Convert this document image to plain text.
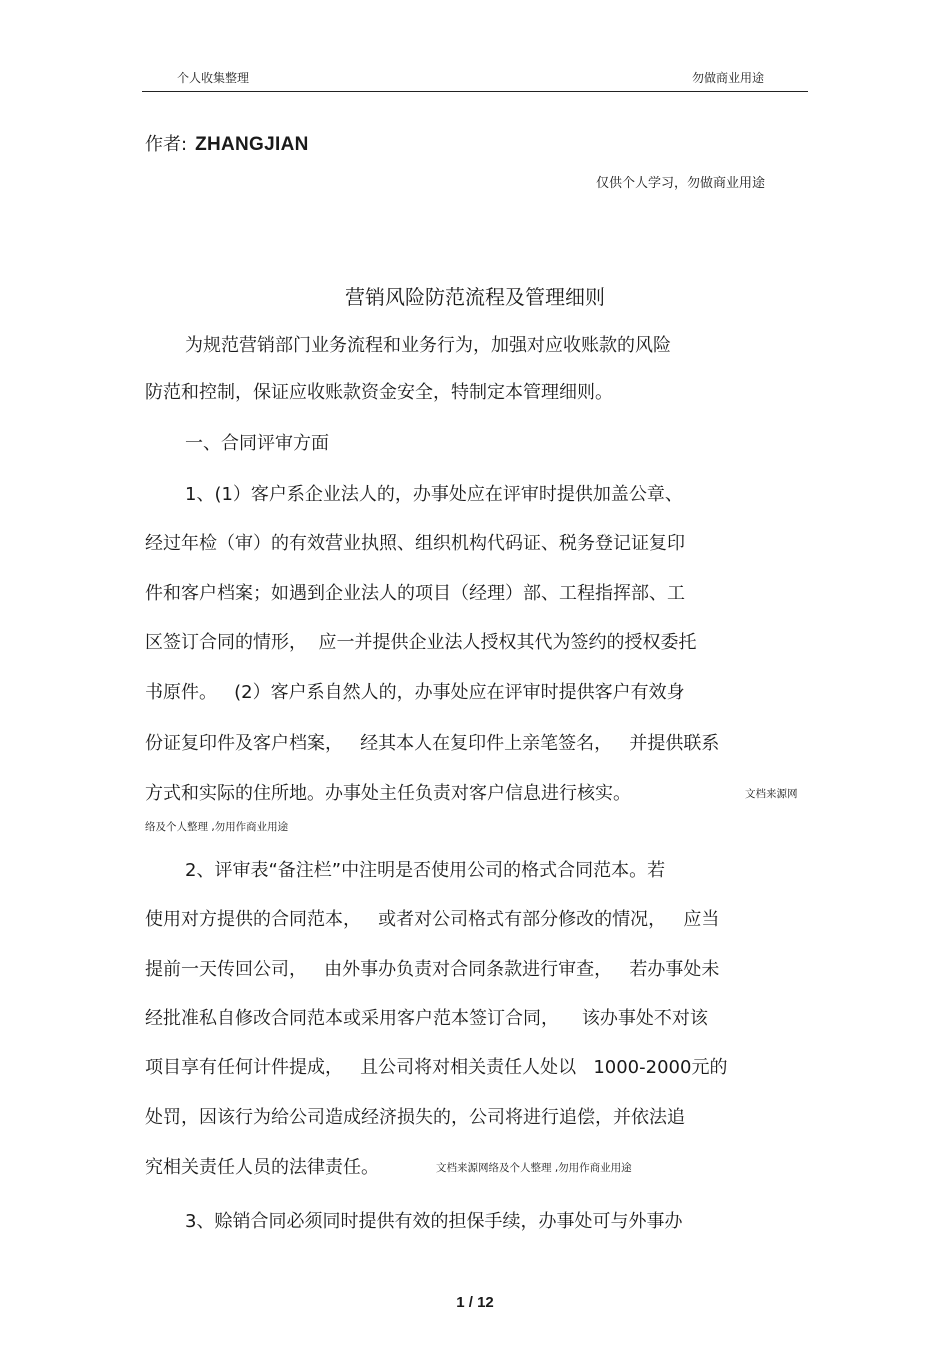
个人收集整理	勿做商业用途
作者: ZHANGJIAN
仅供个人学习，勿做商业用途
营销风险防范流程及管理细则
为规范营销部门业务流程和业务行为，加强对应收账款的风险
防范和控制，保证应收账款资金安全，特制定本管理细则。
一、合同评审方面
1、(1）客户系企业法人的，办事处应在评审时提供加盖公章、
经过年检（审）的有效营业执照、组织机构代码证、税务登记证复印
件和客户档案；如遇到企业法人的项目（经理）部、工程指挥部、工
区签订合同的情形，  应一并提供企业法人授权其代为签约的授权委托
书原件。   (2）客户系自然人的，办事处应在评审时提供客户有效身
份证复印件及客户档案，   经其本人在复印件上亲笔签名，   并提供联系
方式和实际的住所地。办事处主任负责对客户信息进行核实。	文档来源网
络及个人整理 ,勿用作商业用途
2、评审表“备注栏”中注明是否使用公司的格式合同范本。若
使用对方提供的合同范本，   或者对公司格式有部分修改的情况，   应当
提前一天传回公司，   由外事办负责对合同条款进行审查，   若办事处未
经批准私自修改合同范本或采用客户范本签订合同，    该办事处不对该
项目享有任何计件提成，   且公司将对相关责任人处以   1000-2000元的
处罚，因该行为给公司造成经济损失的，公司将进行追偿，并依法追
究相关责任人员的法律责任。	文档来源网络及个人整理 ,勿用作商业用途
3、赊销合同必须同时提供有效的担保手续，办事处可与外事办
1 / 12
